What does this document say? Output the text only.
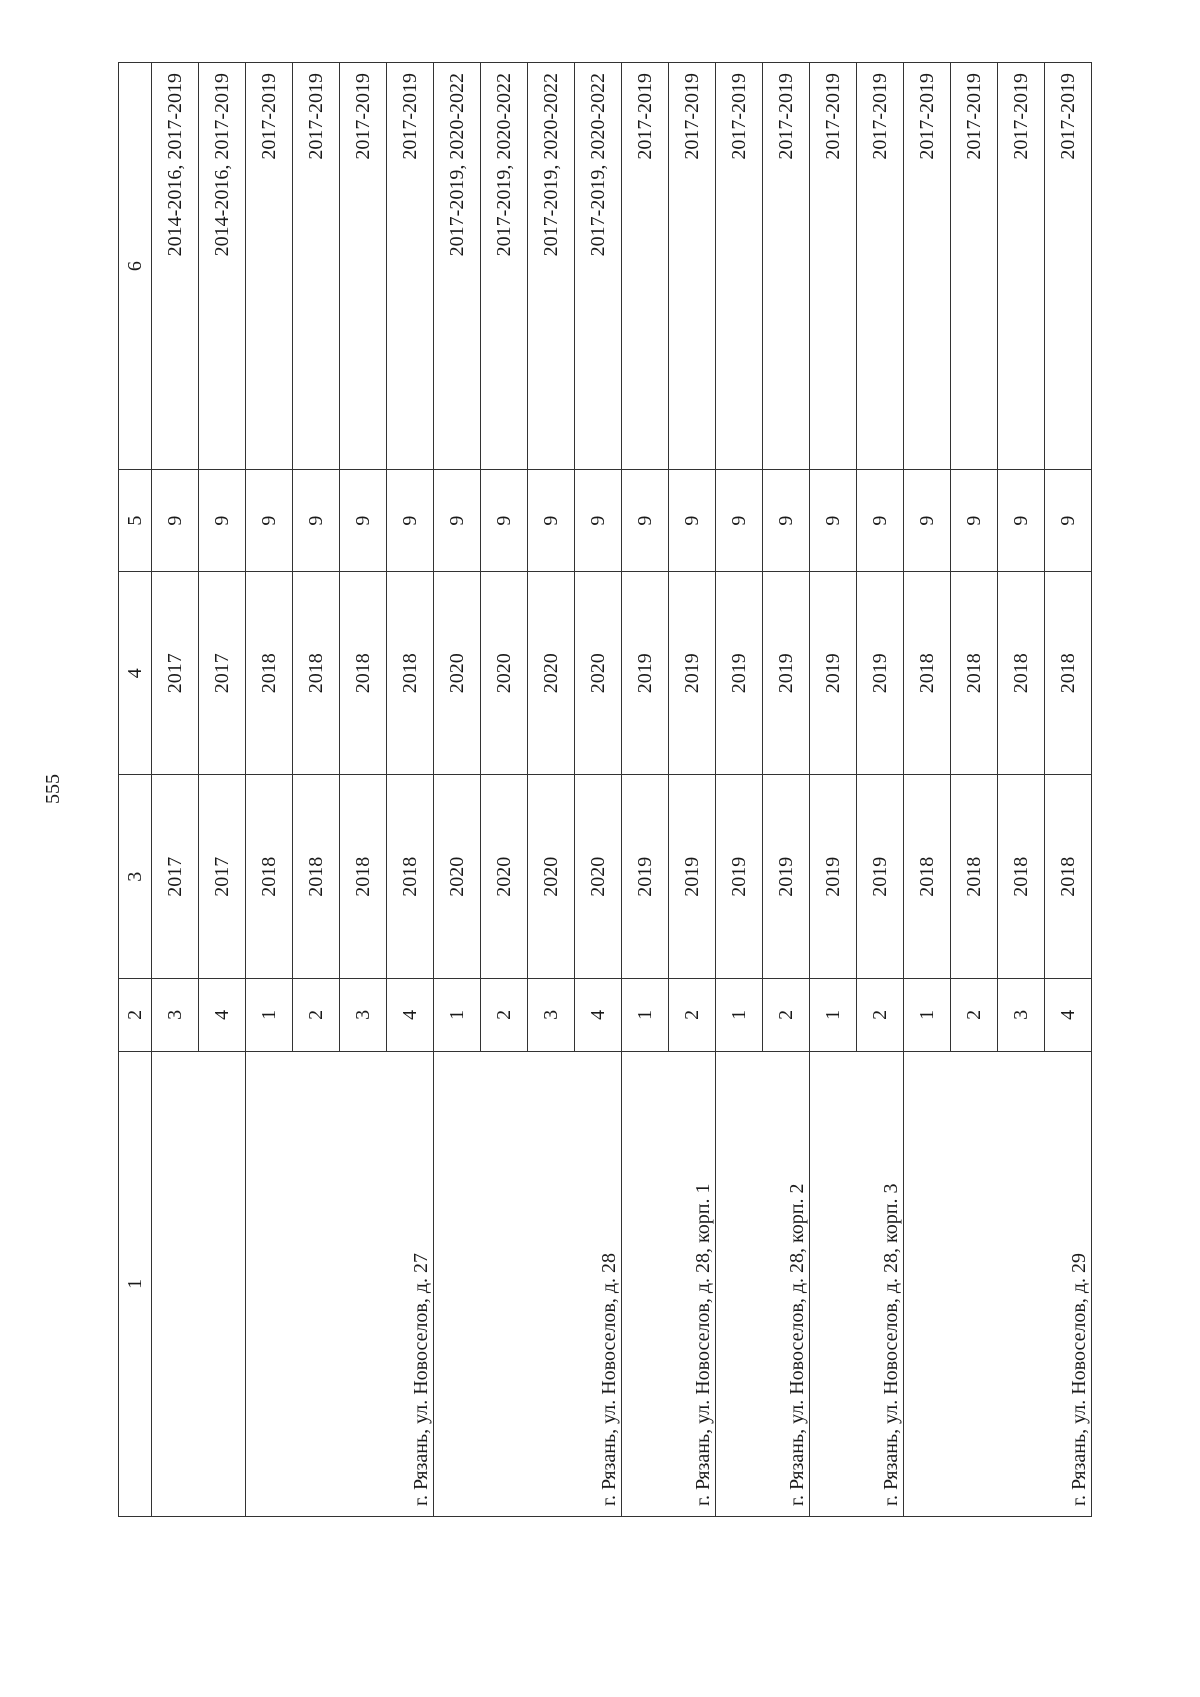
555
1	2	3	4	5	6
	3	2017	2017	9	2014-2016, 2017-2019
	4	2017	2017	9	2014-2016, 2017-2019
г. Рязань, ул. Новоселов, д. 27	1	2018	2018	9	2017-2019
	2	2018	2018	9	2017-2019
	3	2018	2018	9	2017-2019
	4	2018	2018	9	2017-2019
г. Рязань, ул. Новоселов, д. 28	1	2020	2020	9	2017-2019, 2020-2022
	2	2020	2020	9	2017-2019, 2020-2022
	3	2020	2020	9	2017-2019, 2020-2022
	4	2020	2020	9	2017-2019, 2020-2022
г. Рязань, ул. Новоселов, д. 28, корп. 1	1	2019	2019	9	2017-2019
	2	2019	2019	9	2017-2019
г. Рязань, ул. Новоселов, д. 28, корп. 2	1	2019	2019	9	2017-2019
	2	2019	2019	9	2017-2019
г. Рязань, ул. Новоселов, д. 28, корп. 3	1	2019	2019	9	2017-2019
	2	2019	2019	9	2017-2019
г. Рязань, ул. Новоселов, д. 29	1	2018	2018	9	2017-2019
	2	2018	2018	9	2017-2019
	3	2018	2018	9	2017-2019
	4	2018	2018	9	2017-2019
